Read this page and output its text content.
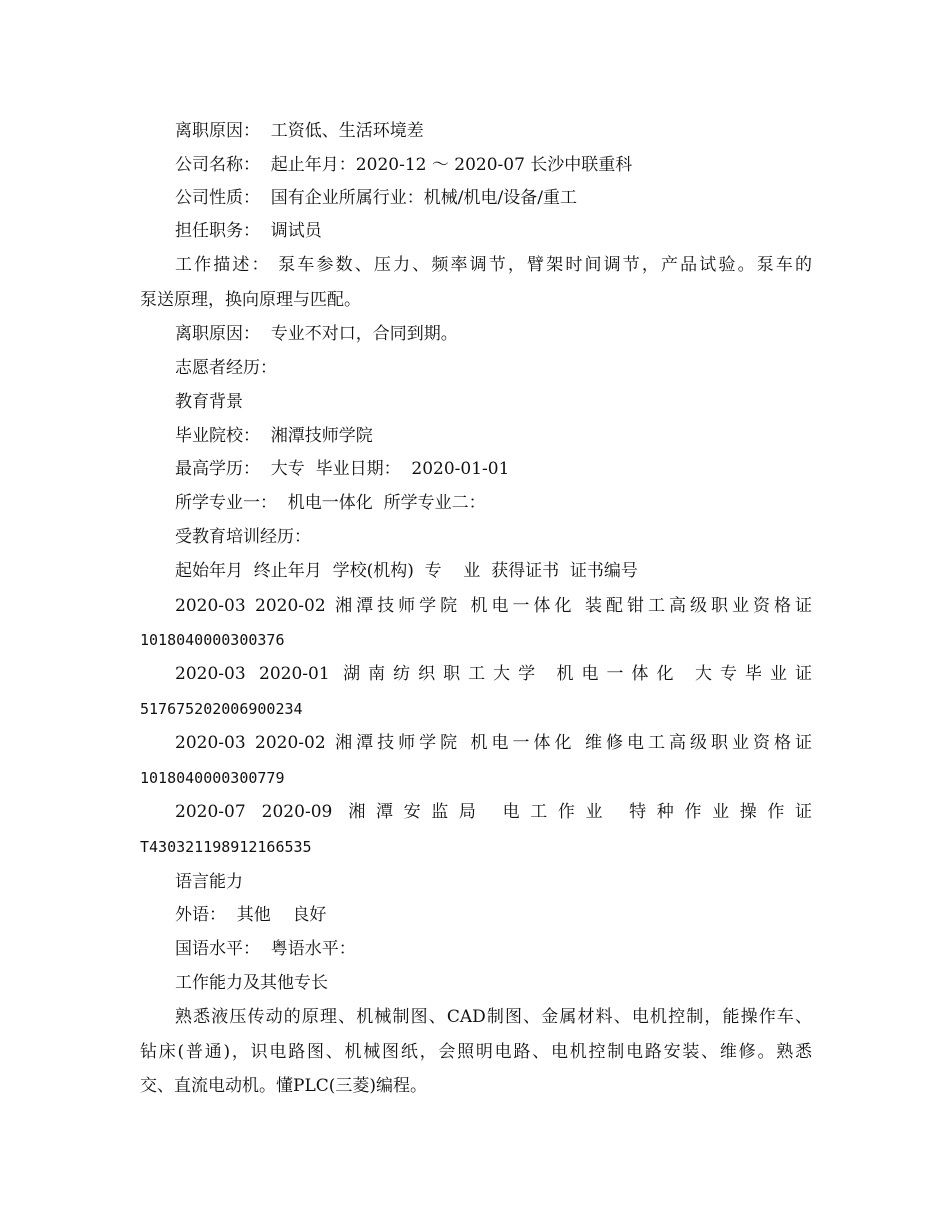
离职原因：  工资低、生活环境差
公司名称：  起止年月：2020-12 ～ 2020-07 长沙中联重科
公司性质：  国有企业所属行业：机械/机电/设备/重工
担任职务：  调试员
工作描述： 泵车参数、压力、频率调节，臂架时间调节，产品试验。泵车的
泵送原理，换向原理与匹配。
离职原因：  专业不对口，合同到期。
志愿者经历：
教育背景
毕业院校：  湘潭技师学院
最高学历：  大专  毕业日期：  2020-01-01
所学专业一：  机电一体化  所学专业二：
受教育培训经历：
起始年月  终止年月  学校(机构)  专    业  获得证书  证书编号
2020-03 2020-02 湘潭技师学院 机电一体化 装配钳工高级职业资格证
1018040000300376
2020-03 2020-01 湖南纺织职工大学 机电一体化 大专毕业证
517675202006900234
2020-03 2020-02 湘潭技师学院 机电一体化 维修电工高级职业资格证
1018040000300779
2020-07 2020-09 湘潭安监局 电工作业 特种作业操作证
T430321198912166535
语言能力
外语：  其他    良好
国语水平：  粤语水平：
工作能力及其他专长
熟悉液压传动的原理、机械制图、CAD制图、金属材料、电机控制，能操作车、
钻床(普通)，识电路图、机械图纸，会照明电路、电机控制电路安装、维修。熟悉
交、直流电动机。懂PLC(三菱)编程。
